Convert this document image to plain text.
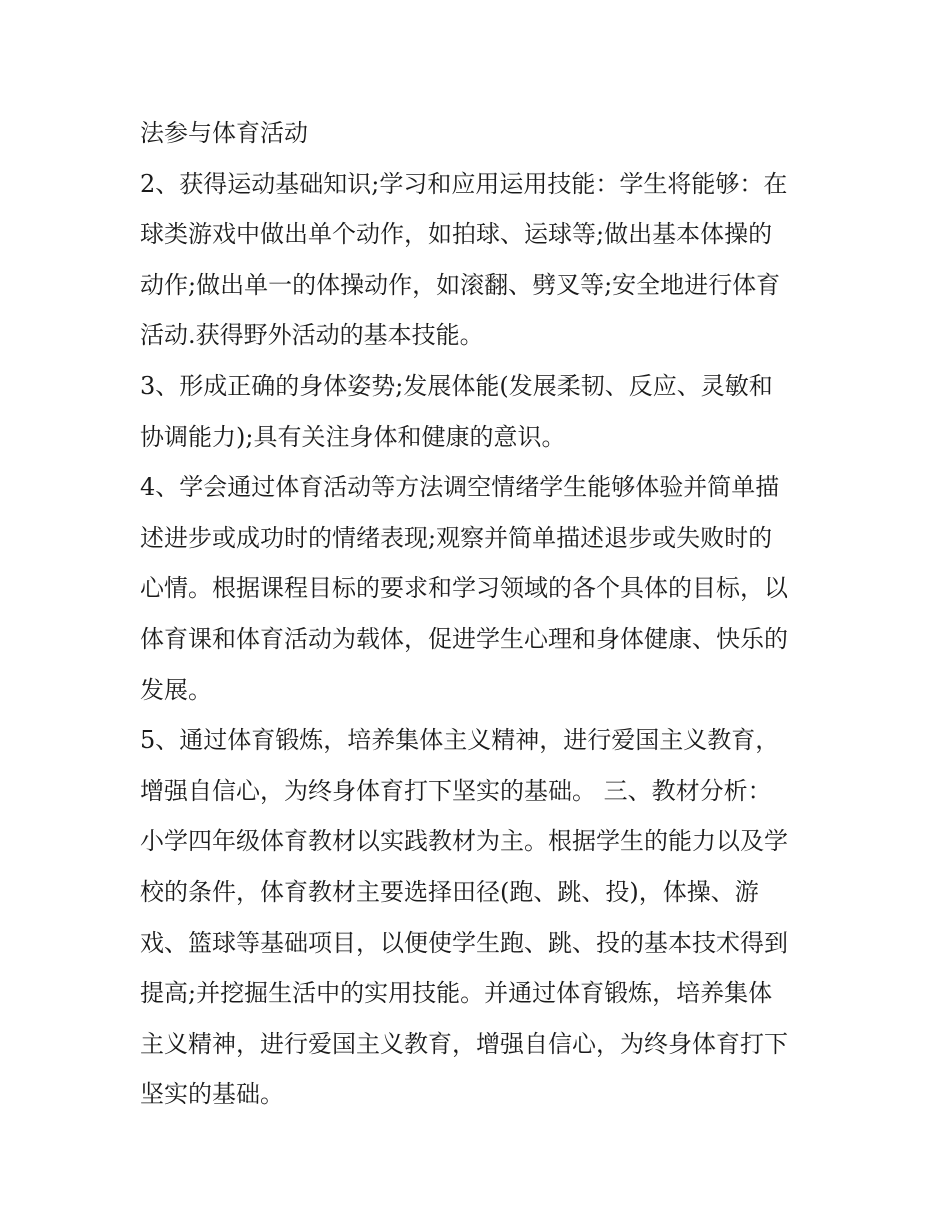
法参与体育活动
2、获得运动基础知识;学习和应用运用技能：学生将能够：在
球类游戏中做出单个动作，如拍球、运球等;做出基本体操的
动作;做出单一的体操动作，如滚翻、劈叉等;安全地进行体育
活动.获得野外活动的基本技能。
3、形成正确的身体姿势;发展体能(发展柔韧、反应、灵敏和
协调能力);具有关注身体和健康的意识。
4、学会通过体育活动等方法调空情绪学生能够体验并简单描
述进步或成功时的情绪表现;观察并简单描述退步或失败时的
心情。根据课程目标的要求和学习领域的各个具体的目标，以
体育课和体育活动为载体，促进学生心理和身体健康、快乐的
发展。
5、通过体育锻炼，培养集体主义精神，进行爱国主义教育，
增强自信心，为终身体育打下坚实的基础。 三、教材分析：
小学四年级体育教材以实践教材为主。根据学生的能力以及学
校的条件，体育教材主要选择田径(跑、跳、投)，体操、游
戏、篮球等基础项目，以便使学生跑、跳、投的基本技术得到
提高;并挖掘生活中的实用技能。并通过体育锻炼，培养集体
主义精神，进行爱国主义教育，增强自信心，为终身体育打下
坚实的基础。
